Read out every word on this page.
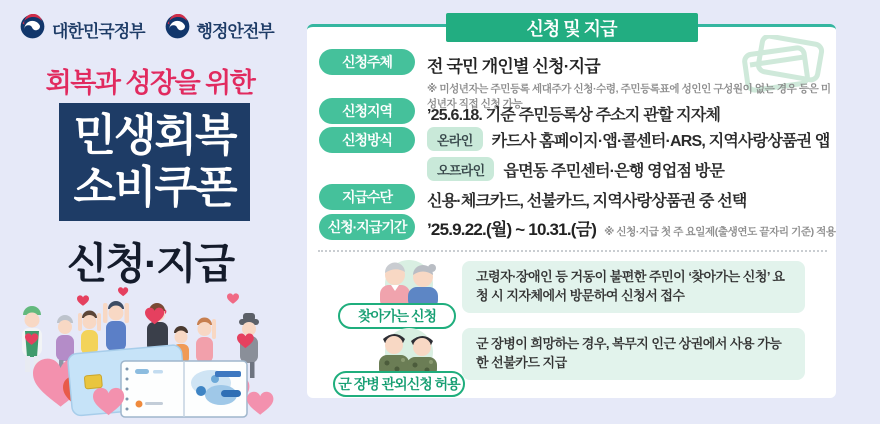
대한민국정부	행정안전부
회복과 성장을 위한
민생회복
소비쿠폰
신청·지급
신청 및 지급
신청주체	전 국민 개인별 신청·지급
※ 미성년자는 주민등록 세대주가 신청·수령, 주민등록표에 성인인 구성원이 없는 경우 등은 미성년자 직접 신청 가능
신청지역	’25.6.18. 기준 주민등록상 주소지 관할 지자체
신청방식	온라인	카드사 홈페이지·앱·콜센터·ARS, 지역사랑상품권 앱
오프라인	읍면동 주민센터·은행 영업점 방문
지급수단	신용·체크카드, 선불카드, 지역사랑상품권 중 선택
신청·지급기간	’25.9.22.(월) ~ 10.31.(금) ※ 신청·지급 첫 주 요일제(출생연도 끝자리 기준) 적용
찾아가는 신청
고령자·장애인 등 거동이 불편한 주민이 ‘찾아가는 신청’ 요청 시 지자체에서 방문하여 신청서 접수
군 장병 관외신청 허용
군 장병이 희망하는 경우, 복무지 인근 상권에서 사용 가능한 선불카드 지급
